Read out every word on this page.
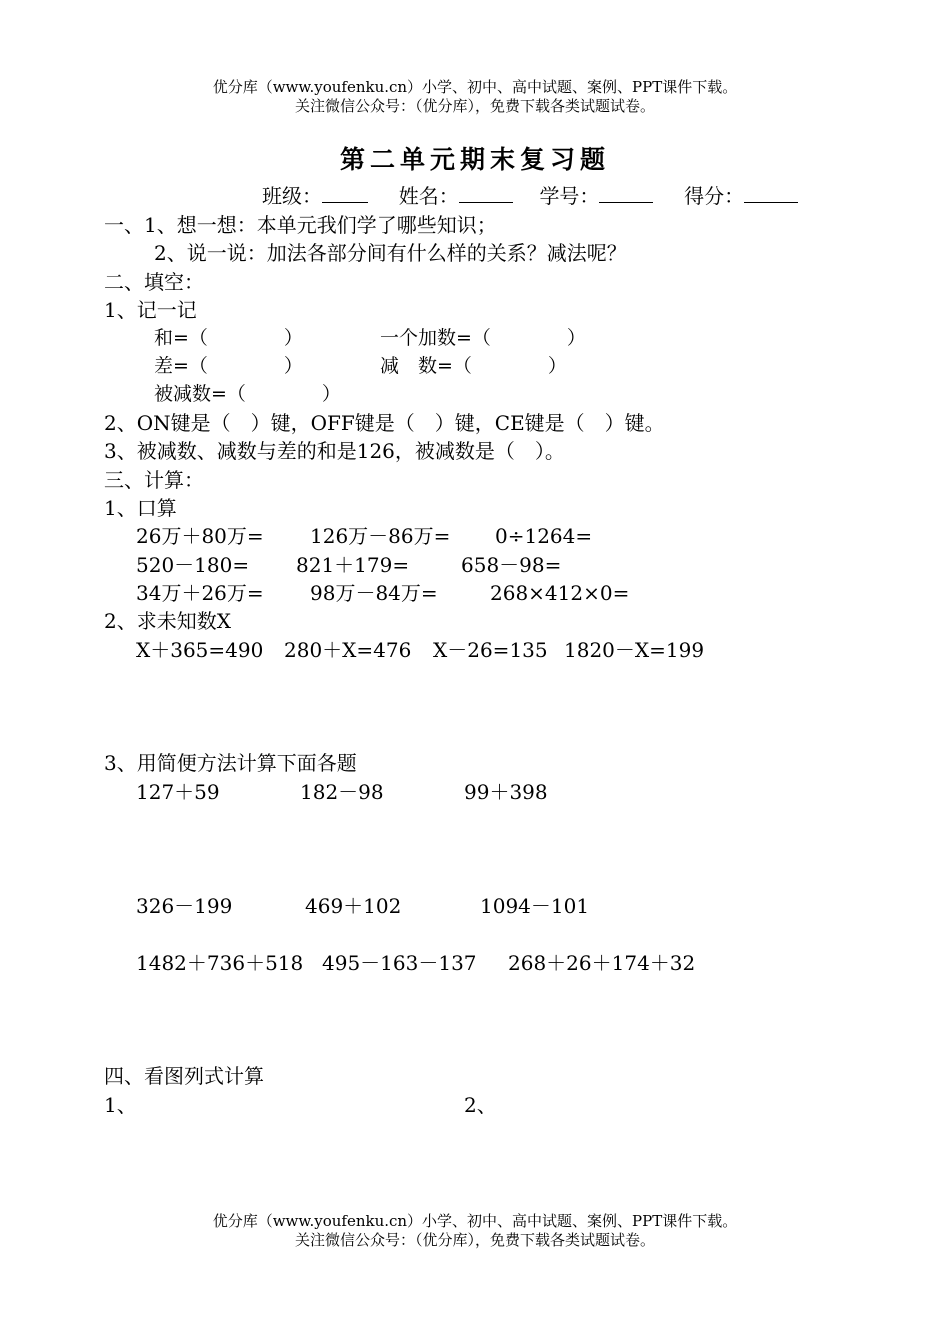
优分库（www.youfenku.cn）小学、初中、高中试题、案例、PPT课件下载。
关注微信公众号：（优分库），免费下载各类试题试卷。
第二单元期末复习题
班级：	姓名：	学号：	得分：
一、1、想一想：本单元我们学了哪些知识；
2、说一说：加法各部分间有什么样的关系？减法呢？
二、填空：
1、记一记
和=（　　　　）	一个加数=（　　　　）
差=（　　　　）	减　数=（　　　　）
被减数=（　　　　）
2、ON键是（　）键，OFF键是（　）键，CE键是（　）键。
3、被减数、减数与差的和是126，被减数是（　）。
三、计算：
1、口算
26万＋80万= 126万－86万= 0÷1264=
520－180= 821＋179=	658－98=
34万＋26万= 98万－84万=	268×412×0=
2、求未知数X
X＋365=490 280＋X=476 X－26=135 1820－X=199
3、用简便方法计算下面各题
127＋59	182－98	99＋398
326－199	469＋102	1094－101
1482＋736＋518 495－163－137 268＋26＋174＋32
四、看图列式计算
1、	2、
优分库（www.youfenku.cn）小学、初中、高中试题、案例、PPT课件下载。
关注微信公众号：（优分库），免费下载各类试题试卷。
